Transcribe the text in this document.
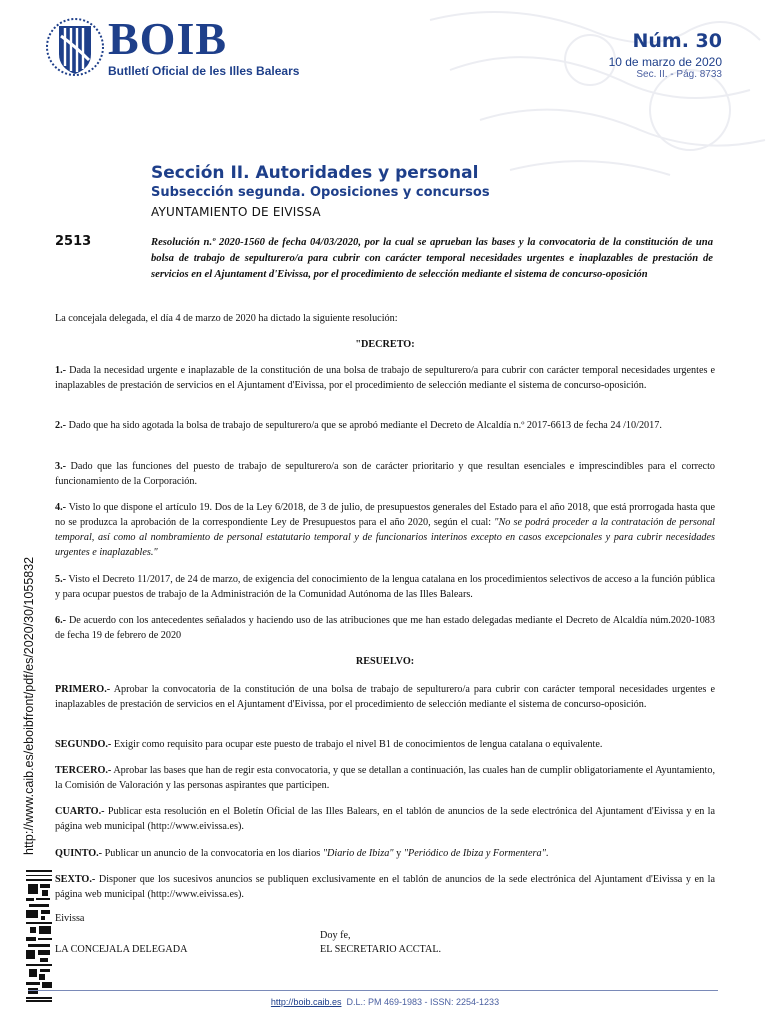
BOIB
Butlletí Oficial de les Illes Balears
Núm. 30
10 de marzo de 2020
Sec. II. - Pág. 8733
Sección II. Autoridades y personal
Subsección segunda. Oposiciones y concursos
AYUNTAMIENTO DE EIVISSA
2513	Resolución n.º 2020-1560 de fecha 04/03/2020, por la cual se aprueban las bases y la convocatoria de la constitución de una bolsa de trabajo de sepulturero/a para cubrir con carácter temporal necesidades urgentes e inaplazables de prestación de servicios en el Ajuntament d'Eivissa, por el procedimiento de selección mediante el sistema de concurso-oposición
La concejala delegada, el día 4 de marzo de 2020 ha dictado la siguiente resolución:
"DECRETO:
1.- Dada la necesidad urgente e inaplazable de la constitución de una bolsa de trabajo de sepulturero/a para cubrir con carácter temporal necesidades urgentes e inaplazables de prestación de servicios en el Ajuntament d'Eivissa, por el procedimiento de selección mediante el sistema de concurso-oposición.
2.- Dado que ha sido agotada la bolsa de trabajo de sepulturero/a que se aprobó mediante el Decreto de Alcaldía n.º 2017-6613 de fecha 24 /10/2017.
3.- Dado que las funciones del puesto de trabajo de sepulturero/a son de carácter prioritario y que resultan esenciales e imprescindibles para el correcto funcionamiento de la Corporación.
4.- Visto lo que dispone el artículo 19. Dos de la Ley 6/2018, de 3 de julio, de presupuestos generales del Estado para el año 2018, que está prorrogada hasta que no se produzca la aprobación de la correspondiente Ley de Presupuestos para el año 2020, según el cual: "No se podrá proceder a la contratación de personal temporal, así como al nombramiento de personal estatutario temporal y de funcionarios interinos excepto en casos excepcionales y para cubrir necesidades urgentes e inaplazables."
5.- Visto el Decreto 11/2017, de 24 de marzo, de exigencia del conocimiento de la lengua catalana en los procedimientos selectivos de acceso a la función pública y para ocupar puestos de trabajo de la Administración de la Comunidad Autónoma de las Illes Balears.
6.- De acuerdo con los antecedentes señalados y haciendo uso de las atribuciones que me han estado delegadas mediante el Decreto de Alcaldía núm.2020-1083 de fecha 19 de febrero de 2020
RESUELVO:
PRIMERO.- Aprobar la convocatoria de la constitución de una bolsa de trabajo de sepulturero/a para cubrir con carácter temporal necesidades urgentes e inaplazables de prestación de servicios en el Ajuntament d'Eivissa, por el procedimiento de selección mediante el sistema de concurso-oposición.
SEGUNDO.- Exigir como requisito para ocupar este puesto de trabajo el nivel B1 de conocimientos de lengua catalana o equivalente.
TERCERO.- Aprobar las bases que han de regir esta convocatoria, y que se detallan a continuación, las cuales han de cumplir obligatoriamente el Ayuntamiento, la Comisión de Valoración y las personas aspirantes que participen.
CUARTO.- Publicar esta resolución en el Boletín Oficial de las Illes Balears, en el tablón de anuncios de la sede electrónica del Ajuntament d'Eivissa y en la página web municipal (http://www.eivissa.es).
QUINTO.- Publicar un anuncio de la convocatoria en los diarios "Diario de Ibiza" y "Periódico de Ibiza y Formentera".
SEXTO.- Disponer que los sucesivos anuncios se publiquen exclusivamente en el tablón de anuncios de la sede electrónica del Ajuntament d'Eivissa y en la página web municipal (http://www.eivissa.es).
Eivissa
Doy fe,
LA CONCEJALA DELEGADA	EL SECRETARIO ACCTAL.
http://www.caib.es/eboibfront/pdf/es/2020/30/1055832
http://boib.caib.es D.L.: PM 469-1983 - ISSN: 2254-1233
